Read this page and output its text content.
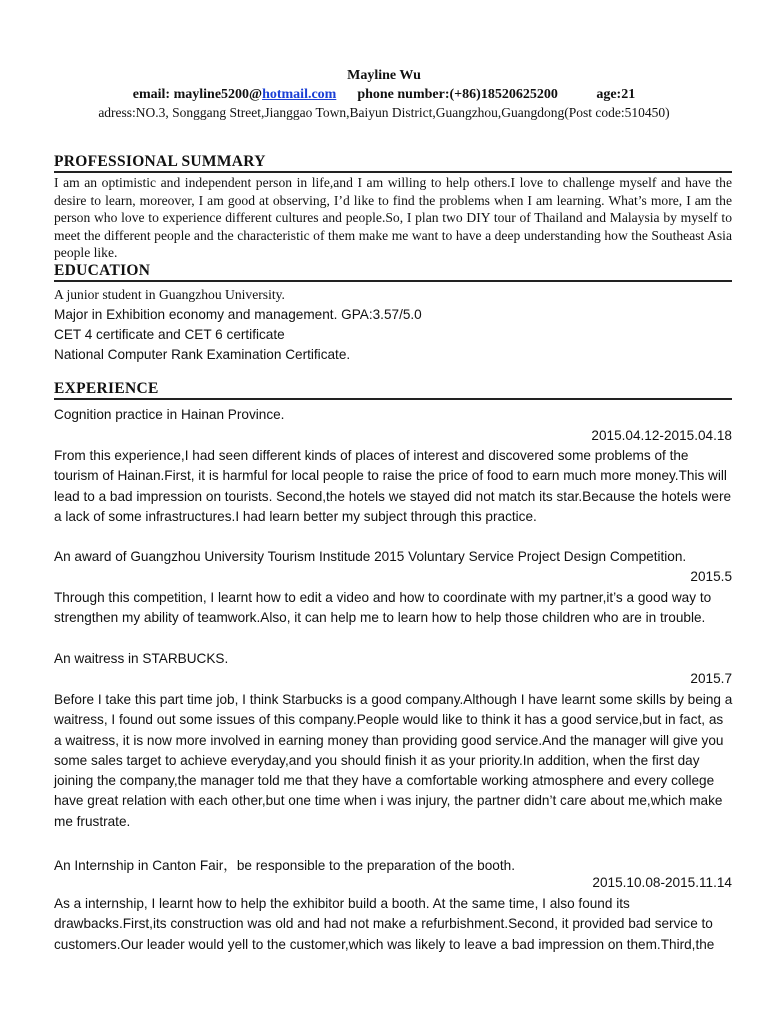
Mayline Wu
email: mayline5200@hotmail.com phone number:(+86)18520625200	age:21
adress:NO.3, Songgang Street,Jianggao Town,Baiyun District,Guangzhou,Guangdong(Post code:510450)
PROFESSIONAL SUMMARY
I am an optimistic and independent person in life,and I am willing to help others.I love to challenge myself and have the desire to learn, moreover, I am good at observing, I’d like to find the problems when I am learning. What’s more, I am the person who love to experience different cultures and people.So, I plan two DIY tour of Thailand and Malaysia by myself to meet the different people and the characteristic of them make me want to have a deep understanding how the Southeast Asia people like.
EDUCATION
A junior student in Guangzhou University.
Major in Exhibition economy and management. GPA:3.57/5.0
CET 4 certificate and CET 6 certificate
National Computer Rank Examination Certificate.
EXPERIENCE
Cognition practice in Hainan Province.
2015.04.12-2015.04.18
From this experience,I had seen different kinds of places of interest and discovered some problems of the tourism of Hainan.First, it is harmful for local people to raise the price of food to earn much more money.This will lead to a bad impression on tourists. Second,the hotels we stayed did not match its star.Because the hotels were a lack of some infrastructures.I had learn better my subject through this practice.
An award of Guangzhou University Tourism Institude 2015 Voluntary Service Project Design Competition.
2015.5
Through this competition, I learnt how to edit a video and how to coordinate with my partner,it’s a good way to strengthen my ability of teamwork.Also, it can help me to learn how to help those children who are in trouble.
An waitress in STARBUCKS.
2015.7
Before I take this part time job, I think Starbucks is a good company.Although I have learnt some skills by being a waitress, I found out some issues of this company.People would like to think it has a good service,but in fact, as a waitress, it is now more involved in earning money than providing good service.And the manager will give you some sales target to achieve everyday,and you should finish it as your priority.In addition, when the first day joining the company,the manager told me that they have a comfortable working atmosphere and every college have great relation with each other,but one time when i was injury, the partner didn’t care about me,which make me frustrate.
An Internship in Canton Fair，be responsible to the preparation of the booth.
2015.10.08-2015.11.14
As a internship, I learnt how to help the exhibitor build a booth. At the same time, I also found its drawbacks.First,its construction was old and had not make a refurbishment.Second, it provided bad service to customers.Our leader would yell to the customer,which was likely to leave a bad impression on them.Third,the
